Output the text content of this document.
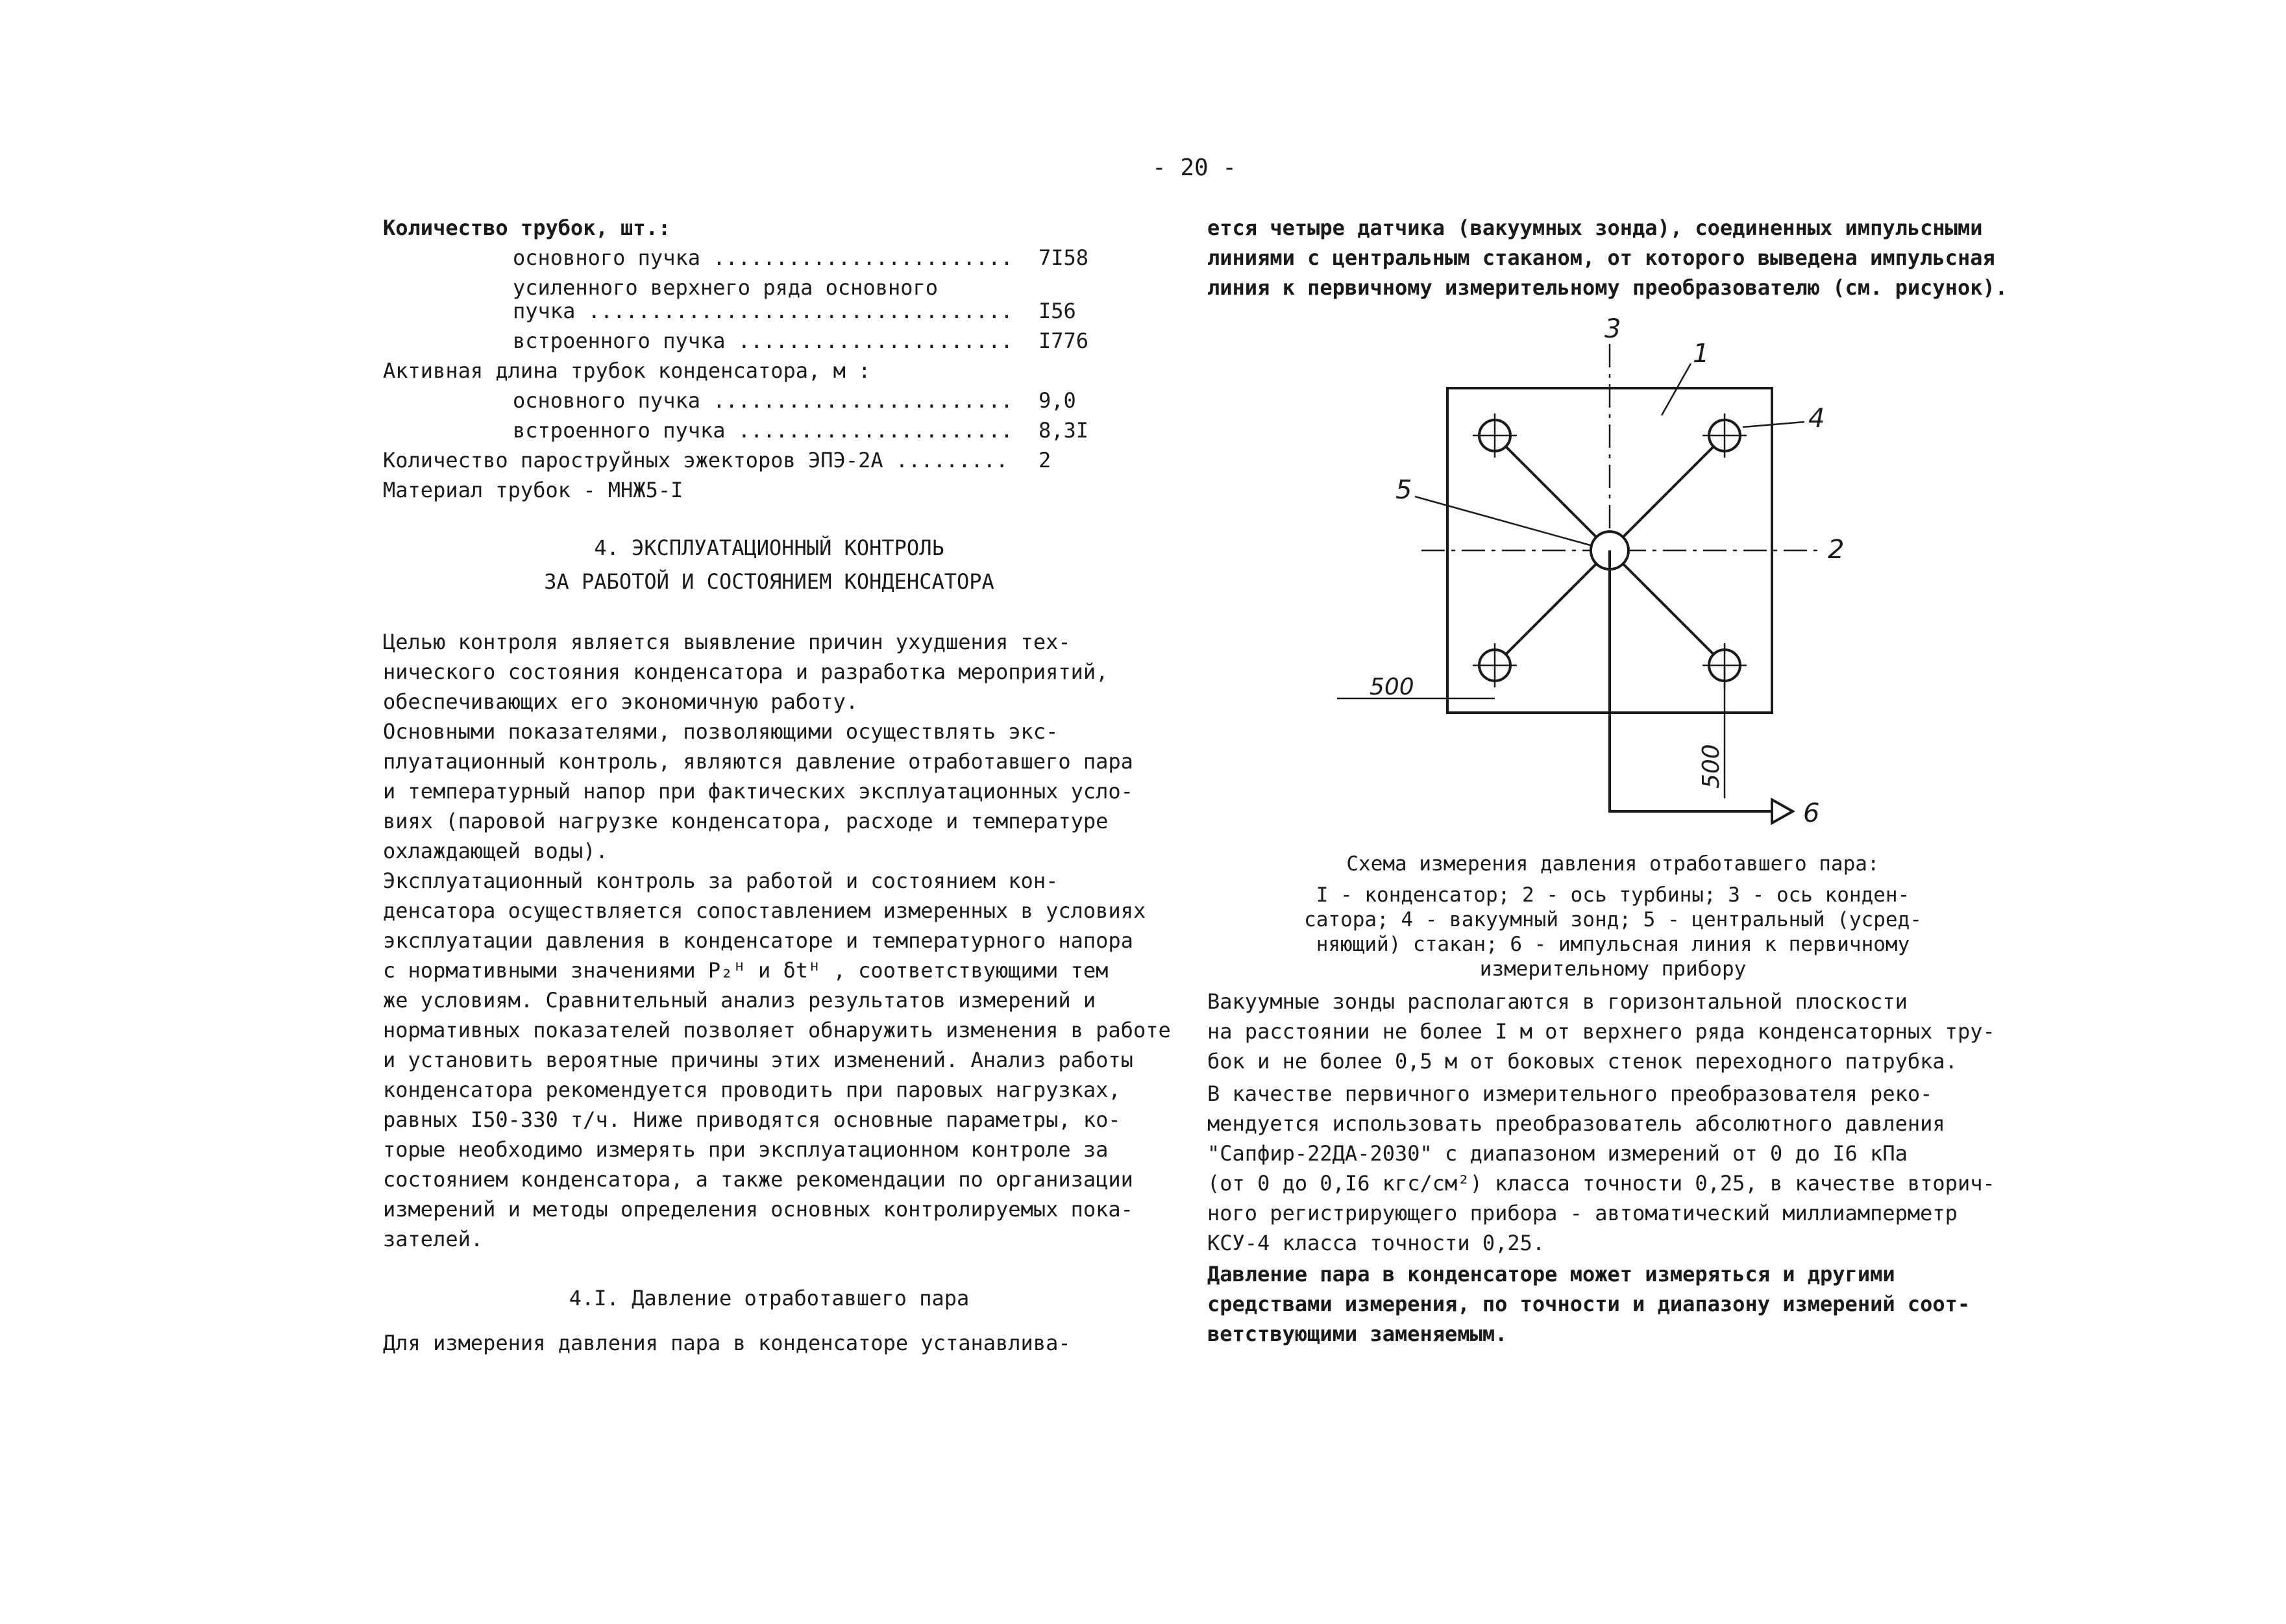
- 20 -
Количество трубок, шт.:
основного пучка ........................ 7I58
усиленного верхнего ряда основного
пучка .................................. I56
встроенного пучка ...................... I776
Активная длина трубок конденсатора, м :
основного пучка ........................ 9,0
встроенного пучка ...................... 8,3I
Количество пароструйных эжекторов ЭПЭ-2А ......... 2
Материал трубок - МНЖ5-I
4. ЭКСПЛУАТАЦИОННЫЙ КОНТРОЛЬ
ЗА РАБОТОЙ И СОСТОЯНИЕМ КОНДЕНСАТОРА
Целью контроля является выявление причин ухудшения тех-
нического состояния конденсатора и разработка мероприятий,
обеспечивающих его экономичную работу.
Основными показателями, позволяющими осуществлять экс-
плуатационный контроль, являются давление отработавшего пара
и температурный напор при фактических эксплуатационных усло-
виях (паровой нагрузке конденсатора, расходе и температуре
охлаждающей воды).
Эксплуатационный контроль за работой и состоянием кон-
денсатора осуществляется сопоставлением измеренных в условиях
эксплуатации давления в конденсаторе и температурного напора
с нормативными значениями P₂ᴴ и δtᴴ , соответствующими тем
же условиям. Сравнительный анализ результатов измерений и
нормативных показателей позволяет обнаружить изменения в работе
и установить вероятные причины этих изменений. Анализ работы
конденсатора рекомендуется проводить при паровых нагрузках,
равных I50-330 т/ч. Ниже приводятся основные параметры, ко-
торые необходимо измерять при эксплуатационном контроле за
состоянием конденсатора, а также рекомендации по организации
измерений и методы определения основных контролируемых пока-
зателей.
4.I. Давление отработавшего пара
Для измерения давления пара в конденсаторе устанавлива-
ется четыре датчика (вакуумных зонда), соединенных импульсными
линиями с центральным стаканом, от которого выведена импульсная
линия к первичному измерительному преобразователю (см. рисунок).
3
1
4
5
2
6
500
500
Схема измерения давления отработавшего пара:
I - конденсатор; 2 - ось турбины; 3 - ось конден-
сатора; 4 - вакуумный зонд; 5 - центральный (усред-
няющий) стакан; 6 - импульсная линия к первичному
измерительному прибору
Вакуумные зонды располагаются в горизонтальной плоскости
на расстоянии не более I м от верхнего ряда конденсаторных тру-
бок и не более 0,5 м от боковых стенок переходного патрубка.
В качестве первичного измерительного преобразователя реко-
мендуется использовать преобразователь абсолютного давления
"Сапфир-22ДА-2030" с диапазоном измерений от 0 до I6 кПа
(от 0 до 0,I6 кгс/см²) класса точности 0,25, в качестве вторич-
ного регистрирующего прибора - автоматический миллиамперметр
КСУ-4 класса точности 0,25.
Давление пара в конденсаторе может измеряться и другими
средствами измерения, по точности и диапазону измерений соот-
ветствующими заменяемым.
